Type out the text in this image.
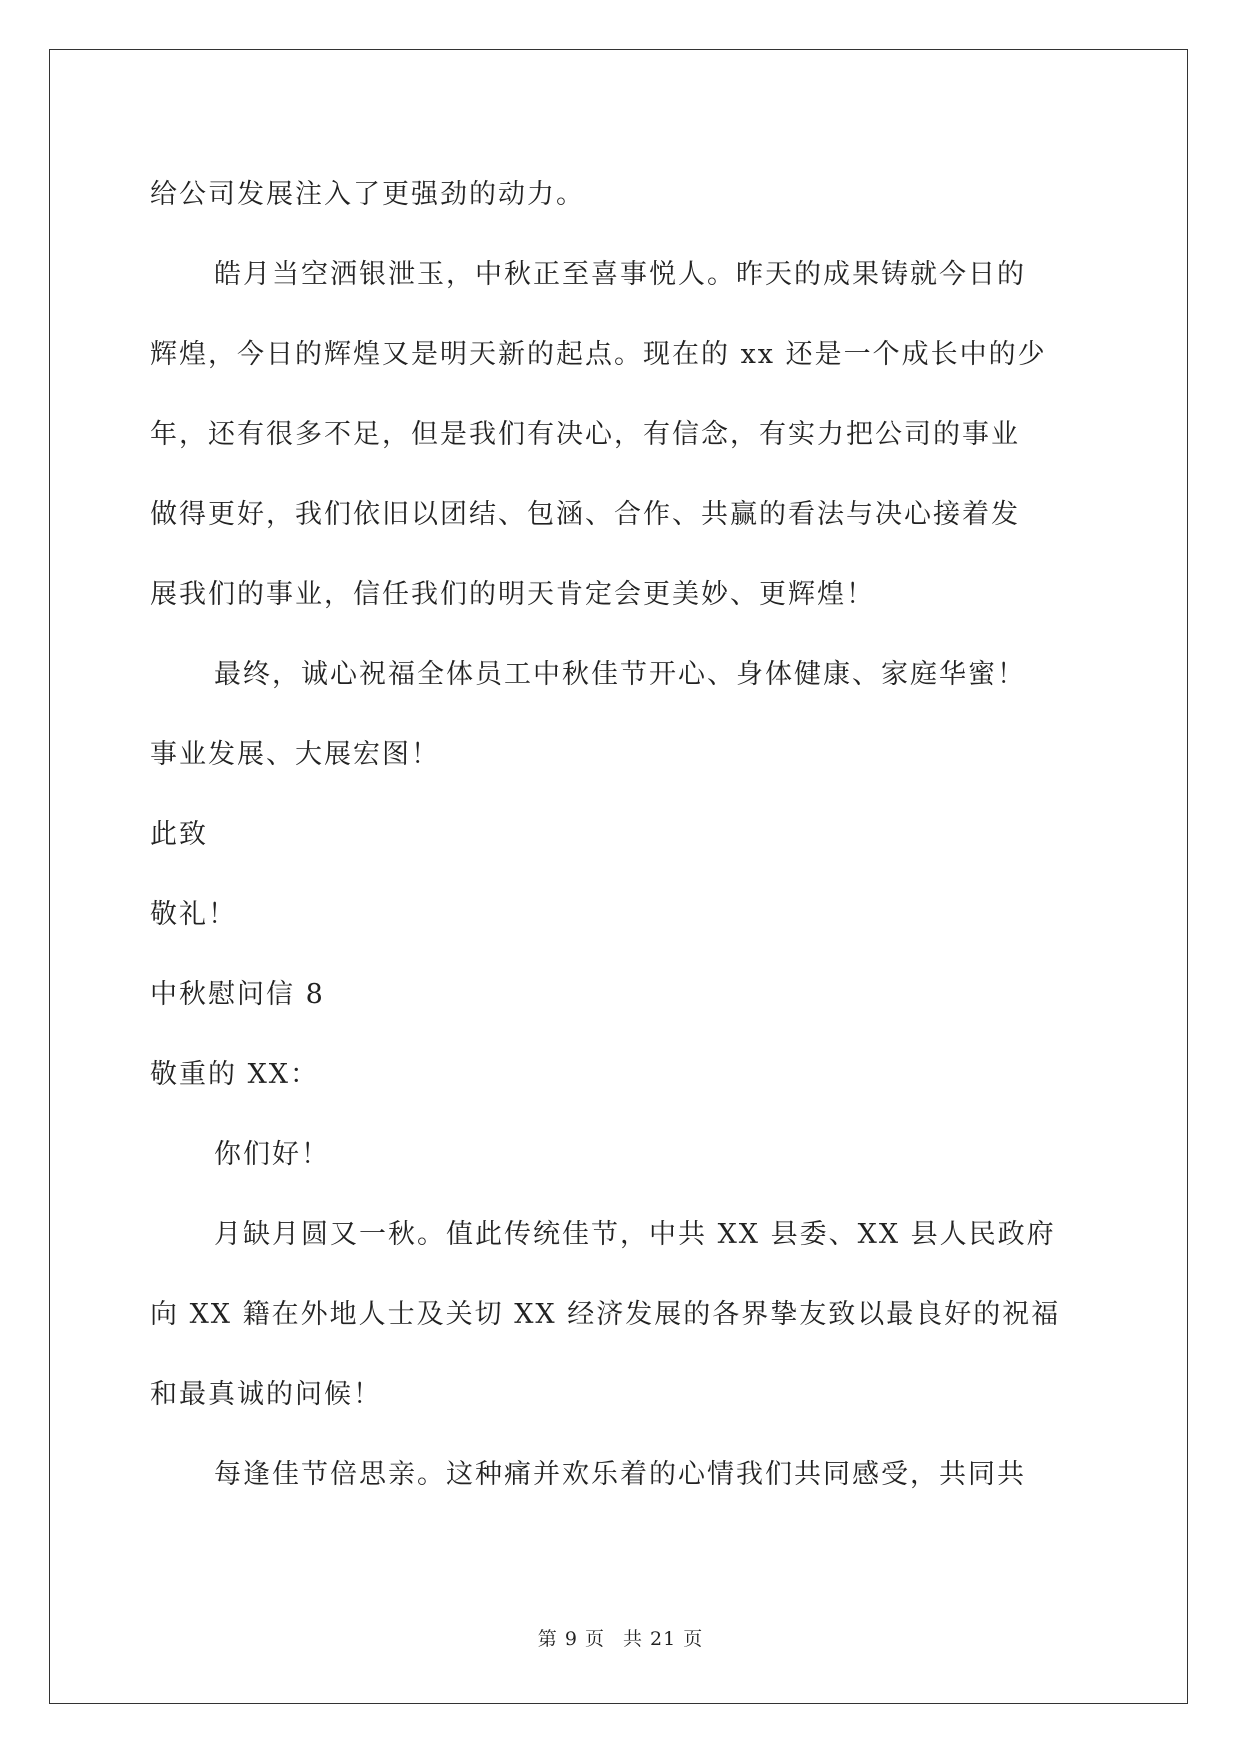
给公司发展注入了更强劲的动力。

皓月当空洒银泄玉，中秋正至喜事悦人。昨天的成果铸就今日的

辉煌，今日的辉煌又是明天新的起点。现在的 xx 还是一个成长中的少

年，还有很多不足，但是我们有决心，有信念，有实力把公司的事业

做得更好，我们依旧以团结、包涵、合作、共赢的看法与决心接着发

展我们的事业，信任我们的明天肯定会更美妙、更辉煌！

最终，诚心祝福全体员工中秋佳节开心、身体健康、家庭华蜜！

事业发展、大展宏图！

此致

敬礼！

中秋慰问信 8

敬重的 XX：

你们好！

月缺月圆又一秋。值此传统佳节，中共 XX 县委、XX 县人民政府

向 XX 籍在外地人士及关切 XX 经济发展的各界挚友致以最良好的祝福

和最真诚的问候！

每逢佳节倍思亲。这种痛并欢乐着的心情我们共同感受，共同共

第 9 页 共 21 页
